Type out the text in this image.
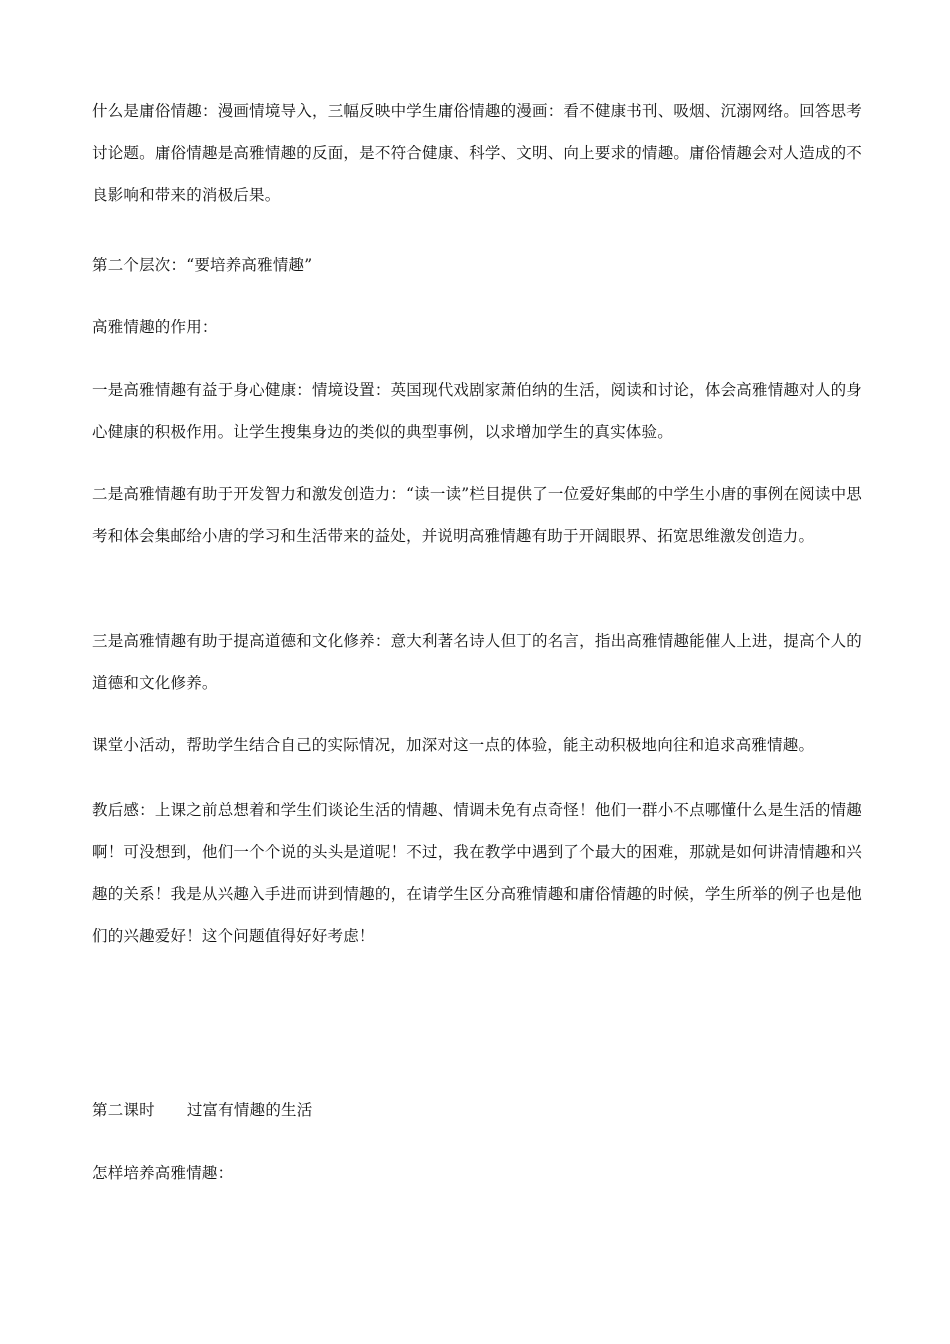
什么是庸俗情趣：漫画情境导入，三幅反映中学生庸俗情趣的漫画：看不健康书刊、吸烟、沉溺网络。回答思考讨论题。庸俗情趣是高雅情趣的反面，是不符合健康、科学、文明、向上要求的情趣。庸俗情趣会对人造成的不良影响和带来的消极后果。

第二个层次：“要培养高雅情趣”

高雅情趣的作用：

一是高雅情趣有益于身心健康：情境设置：英国现代戏剧家萧伯纳的生活，阅读和讨论，体会高雅情趣对人的身心健康的积极作用。让学生搜集身边的类似的典型事例，以求增加学生的真实体验。

二是高雅情趣有助于开发智力和激发创造力：“读一读”栏目提供了一位爱好集邮的中学生小唐的事例在阅读中思考和体会集邮给小唐的学习和生活带来的益处，并说明高雅情趣有助于开阔眼界、拓宽思维激发创造力。

三是高雅情趣有助于提高道德和文化修养：意大利著名诗人但丁的名言，指出高雅情趣能催人上进，提高个人的道德和文化修养。

课堂小活动，帮助学生结合自己的实际情况，加深对这一点的体验，能主动积极地向往和追求高雅情趣。

教后感：上课之前总想着和学生们谈论生活的情趣、情调未免有点奇怪！他们一群小不点哪懂什么是生活的情趣啊！可没想到，他们一个个说的头头是道呢！不过，我在教学中遇到了个最大的困难，那就是如何讲清情趣和兴趣的关系！我是从兴趣入手进而讲到情趣的，在请学生区分高雅情趣和庸俗情趣的时候，学生所举的例子也是他们的兴趣爱好！这个问题值得好好考虑！

第二课时 过富有情趣的生活

怎样培养高雅情趣：
